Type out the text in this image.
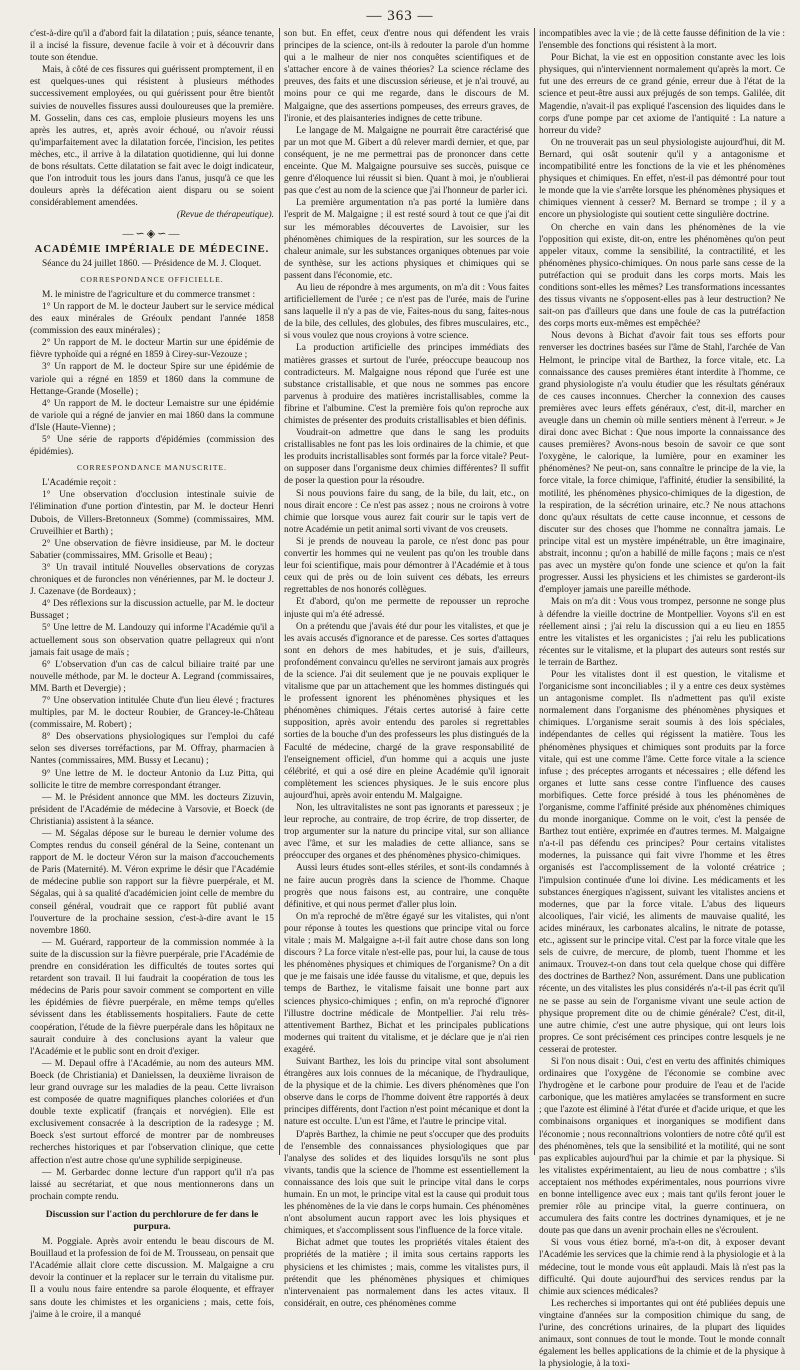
— 363 —

c'est-à-dire qu'il a d'abord fait la dilatation ; puis, séance tenante, il a incisé la fissure, devenue facile à voir et à découvrir dans toute son étendue.

Mais, à côté de ces fissures qui guérissent promptement, il en est quelques-unes qui résistent à plusieurs méthodes successivement employées, ou qui guérissent pour être bientôt suivies de nouvelles fissures aussi douloureuses que la première. M. Gosselin, dans ces cas, emploie plusieurs moyens les uns après les autres, et, après avoir échoué, ou n'avoir réussi qu'imparfaitement avec la dilatation forcée, l'incision, les petites mèches, etc., il arrive à la dilatation quotidienne, qui lui donne de bons résultats. Cette dilatation se fait avec le doigt indicateur, que l'on introduit tous les jours dans l'anus, jusqu'à ce que les douleurs après la défécation aient disparu ou se soient considérablement amendées.

(Revue de thérapeutique).
—∽◈∽—
ACADÉMIE IMPÉRIALE DE MÉDECINE.

Séance du 24 juillet 1860. — Présidence de M. J. Cloquet.

CORRESPONDANCE OFFICIELLE.

M. le ministre de l'agriculture et du commerce transmet :

1° Un rapport de M. le docteur Jaubert sur le service médical des eaux minérales de Gréoulx pendant l'année 1858 (commission des eaux minérales) ;

2° Un rapport de M. le docteur Martin sur une épidémie de fièvre typhoïde qui a régné en 1859 à Cirey-sur-Vezouze ;

3° Un rapport de M. le docteur Spire sur une épidémie de variole qui a régné en 1859 et 1860 dans la commune de Hettange-Grande (Moselle) ;

4° Un rapport de M. le docteur Lemaistre sur une épidémie de variole qui a régné de janvier en mai 1860 dans la commune d'Isle (Haute-Vienne) ;

5° Une série de rapports d'épidémies (commission des épidémies).

CORRESPONDANCE MANUSCRITE.

L'Académie reçoit :

1° Une observation d'occlusion intestinale suivie de l'élimination d'une portion d'intestin, par M. le docteur Henri Dubois, de Villers-Bretonneux (Somme) (commissaires, MM. Cruveilhier et Barth) ;

2° Une observation de fièvre insidieuse, par M. le docteur Sabatier (commissaires, MM. Grisolle et Beau) ;

3° Un travail intitulé Nouvelles observations de coryzas chroniques et de furoncles non vénériennes, par M. le docteur J. J. Cazenave (de Bordeaux) ;

4° Des réflexions sur la discussion actuelle, par M. le docteur Bussaget ;

5° Une lettre de M. Landouzy qui informe l'Académie qu'il a actuellement sous son observation quatre pellagreux qui n'ont jamais fait usage de maïs ;

6° L'observation d'un cas de calcul biliaire traité par une nouvelle méthode, par M. le docteur A. Legrand (commissaires, MM. Barth et Devergie) ;

7° Une observation intitulée Chute d'un lieu élevé ; fractures multiples, par M. le docteur Roubier, de Grancey-le-Château (commissaire, M. Robert) ;

8° Des observations physiologiques sur l'emploi du café selon ses diverses torréfactions, par M. Offray, pharmacien à Nantes (commissaires, MM. Bussy et Lecanu) ;

9° Une lettre de M. le docteur Antonio da Luz Pitta, qui sollicite le titre de membre correspondant étranger.

— M. le Président annonce que MM. les docteurs Zizuvin, président de l'Académie de médecine à Varsovie, et Boeck (de Christiania) assistent à la séance.

— M. Ségalas dépose sur le bureau le dernier volume des Comptes rendus du conseil général de la Seine, contenant un rapport de M. le docteur Véron sur la maison d'accouchements de Paris (Maternité). M. Véron exprime le désir que l'Académie de médecine publie son rapport sur la fièvre puerpérale, et M. Ségalas, qui à sa qualité d'académicien joint celle de membre du conseil général, voudrait que ce rapport fût publié avant l'ouverture de la prochaine session, c'est-à-dire avant le 15 novembre 1860.

— M. Guérard, rapporteur de la commission nommée à la suite de la discussion sur la fièvre puerpérale, prie l'Académie de prendre en considération les difficultés de toutes sortes qui retardent son travail. Il lui faudrait la coopération de tous les médecins de Paris pour savoir comment se comportent en ville les épidémies de fièvre puerpérale, en même temps qu'elles sévissent dans les établissements hospitaliers. Faute de cette coopération, l'étude de la fièvre puerpérale dans les hôpitaux ne saurait conduire à des conclusions ayant la valeur que l'Académie et le public sont en droit d'exiger.

— M. Depaul offre à l'Académie, au nom des auteurs MM. Boeck (de Christiania) et Danielssen, la deuxième livraison de leur grand ouvrage sur les maladies de la peau. Cette livraison est composée de quatre magnifiques planches coloriées et d'un double texte explicatif (français et norvégien). Elle est exclusivement consacrée à la description de la radesyge ; M. Boeck s'est surtout efforcé de montrer par de nombreuses recherches historiques et par l'observation clinique, que cette affection n'est autre chose qu'une syphilide serpigineuse.

— M. Gerbardec donne lecture d'un rapport qu'il n'a pas laissé au secrétariat, et que nous mentionnerons dans un prochain compte rendu.

Discussion sur l'action du perchlorure de fer dans le purpura.

M. Poggiale. Après avoir entendu le beau discours de M. Bouillaud et la profession de foi de M. Trousseau, on pensait que l'Académie allait clore cette discussion. M. Malgaigne a cru devoir la continuer et la replacer sur le terrain du vitalisme pur. Il a voulu nous faire entendre sa parole éloquente, et effrayer sans doute les chimistes et les organiciens ; mais, cette fois, j'aime à le croire, il a manqué

son but. En effet, ceux d'entre nous qui défendent les vrais principes de la science, ont-ils à redouter la parole d'un homme qui a le malheur de nier nos conquêtes scientifiques et de s'attacher encore à de vaines théories? La science réclame des preuves, des faits et une discussion sérieuse, et je n'ai trouvé, au moins pour ce qui me regarde, dans le discours de M. Malgaigne, que des assertions pompeuses, des erreurs graves, de l'ironie, et des plaisanteries indignes de cette tribune.

Le langage de M. Malgaigne ne pourrait être caractérisé que par un mot que M. Gibert a dû relever mardi dernier, et que, par conséquent, je ne me permettrai pas de prononcer dans cette enceinte. Que M. Malgaigne poursuive ses succès, puisque ce genre d'éloquence lui réussit si bien. Quant à moi, je n'oublierai pas que c'est au nom de la science que j'ai l'honneur de parler ici.

La première argumentation n'a pas porté la lumière dans l'esprit de M. Malgaigne ; il est resté sourd à tout ce que j'ai dit sur les mémorables découvertes de Lavoisier, sur les phénomènes chimiques de la respiration, sur les sources de la chaleur animale, sur les substances organiques obtenues par voie de synthèse, sur les actions physiques et chimiques qui se passent dans l'économie, etc.

Au lieu de répondre à mes arguments, on m'a dit : Vous faites artificiellement de l'urée ; ce n'est pas de l'urée, mais de l'urine sans laquelle il n'y a pas de vie, Faites-nous du sang, faites-nous de la bile, des cellules, des globules, des fibres musculaires, etc., si vous voulez que nous croyions à votre science.

La production artificielle des principes immédiats des matières grasses et surtout de l'urée, préoccupe beaucoup nos contradicteurs. M. Malgaigne nous répond que l'urée est une substance cristallisable, et que nous ne sommes pas encore parvenus à produire des matières incristallisables, comme la fibrine et l'albumine. C'est la première fois qu'on reproche aux chimistes de présenter des produits cristallisables et bien définis.

Voudrait-on admettre que dans le sang les produits cristallisables ne font pas les lois ordinaires de la chimie, et que les produits incristallisables sont formés par la force vitale? Peut-on supposer dans l'organisme deux chimies différentes? Il suffit de poser la question pour la résoudre.

Si nous pouvions faire du sang, de la bile, du lait, etc., on nous dirait encore : Ce n'est pas assez ; nous ne croirons à votre chimie que lorsque vous aurez fait courir sur le tapis vert de notre Académie un petit animal sorti vivant de vos creusets.

Si je prends de nouveau la parole, ce n'est donc pas pour convertir les hommes qui ne veulent pas qu'on les trouble dans leur foi scientifique, mais pour démontrer à l'Académie et à tous ceux qui de près ou de loin suivent ces débats, les erreurs regrettables de nos honorés collègues.

Et d'abord, qu'on me permette de repousser un reproche injuste qui m'a été adressé.

On a prétendu que j'avais été dur pour les vitalistes, et que je les avais accusés d'ignorance et de paresse. Ces sortes d'attaques sont en dehors de mes habitudes, et je suis, d'ailleurs, profondément convaincu qu'elles ne serviront jamais aux progrès de la science. J'ai dit seulement que je ne pouvais expliquer le vitalisme que par un attachement que les hommes distingués qui le professent ignorent les phénomènes physiques et les phénomènes chimiques. J'étais certes autorisé à faire cette supposition, après avoir entendu des paroles si regrettables sorties de la bouche d'un des professeurs les plus distingués de la Faculté de médecine, chargé de la grave responsabilité de l'enseignement officiel, d'un homme qui a acquis une juste célébrité, et qui a osé dire en pleine Académie qu'il ignorait complètement les sciences physiques. Je le suis encore plus aujourd'hui, après avoir entendu M. Malgaigne.

Non, les ultravitalistes ne sont pas ignorants et paresseux ; je leur reproche, au contraire, de trop écrire, de trop disserter, de trop argumenter sur la nature du principe vital, sur son alliance avec l'âme, et sur les maladies de cette alliance, sans se préoccuper des organes et des phénomènes physico-chimiques.

Aussi leurs études sont-elles stériles, et sont-ils condamnés à ne faire aucun progrès dans la science de l'homme. Chaque progrès que nous faisons est, au contraire, une conquête définitive, et qui nous permet d'aller plus loin.

On m'a reproché de m'être égayé sur les vitalistes, qui n'ont pour réponse à toutes les questions que principe vital ou force vitale ; mais M. Malgaigne a-t-il fait autre chose dans son long discours ? La force vitale n'est-elle pas, pour lui, la cause de tous les phénomènes physiques et chimiques de l'organisme? On a dit que je me faisais une idée fausse du vitalisme, et que, depuis les temps de Barthez, le vitalisme faisait une bonne part aux sciences physico-chimiques ; enfin, on m'a reproché d'ignorer l'illustre doctrine médicale de Montpellier. J'ai relu très-attentivement Barthez, Bichat et les principales publications modernes qui traitent du vitalisme, et je déclare que je n'ai rien exagéré.

Suivant Barthez, les lois du principe vital sont absolument étrangères aux lois connues de la mécanique, de l'hydraulique, de la physique et de la chimie. Les divers phénomènes que l'on observe dans le corps de l'homme doivent être rapportés à deux principes différents, dont l'action n'est point mécanique et dont la nature est occulte. L'un est l'âme, et l'autre le principe vital.

D'après Barthez, la chimie ne peut s'occuper que des produits de l'ensemble des connaissances physiologiques que par l'analyse des solides et des liquides lorsqu'ils ne sont plus vivants, tandis que la science de l'homme est essentiellement la connaissance des lois que suit le principe vital dans le corps humain. En un mot, le principe vital est la cause qui produit tous les phénomènes de la vie dans le corps humain. Ces phénomènes n'ont absolument aucun rapport avec les lois physiques et chimiques, et s'accomplissent sous l'influence de la force vitale.

Bichat admet que toutes les propriétés vitales étaient des propriétés de la matière ; il imita sous certains rapports les physiciens et les chimistes ; mais, comme les vitalistes purs, il prétendit que les phénomènes physiques et chimiques n'intervenaient pas normalement dans les actes vitaux. Il considérait, en outre, ces phénomènes comme

incompatibles avec la vie ; de là cette fausse définition de la vie : l'ensemble des fonctions qui résistent à la mort.

Pour Bichat, la vie est en opposition constante avec les lois physiques, qui n'interviennent normalement qu'après la mort. Ce fut une des erreurs de ce grand génie, erreur due à l'état de la science et peut-être aussi aux préjugés de son temps. Galilée, dit Magendie, n'avait-il pas expliqué l'ascension des liquides dans le corps d'une pompe par cet axiome de l'antiquité : La nature a horreur du vide?

On ne trouverait pas un seul physiologiste aujourd'hui, dit M. Bernard, qui osât soutenir qu'il y a antagonisme et incompatibilité entre les fonctions de la vie et les phénomènes physiques et chimiques. En effet, n'est-il pas démontré pour tout le monde que la vie s'arrête lorsque les phénomènes physiques et chimiques viennent à cesser? M. Bernard se trompe ; il y a encore un physiologiste qui soutient cette singulière doctrine.

On cherche en vain dans les phénomènes de la vie l'opposition qui existe, dit-on, entre les phénomènes qu'on peut appeler vitaux, comme la sensibilité, la contractilité, et les phénomènes physico-chimiques. On nous parle sans cesse de la putréfaction qui se produit dans les corps morts. Mais les conditions sont-elles les mêmes? Les transformations incessantes des tissus vivants ne s'opposent-elles pas à leur destruction? Ne sait-on pas d'ailleurs que dans une foule de cas la putréfaction des corps morts eux-mêmes est empêchée?

Nous devons à Bichat d'avoir fait tous ses efforts pour renverser les doctrines basées sur l'âme de Stahl, l'archée de Van Helmont, le principe vital de Barthez, la force vitale, etc. La connaissance des causes premières étant interdite à l'homme, ce grand physiologiste n'a voulu étudier que les résultats généraux de ces causes inconnues. Chercher la connexion des causes premières avec leurs effets généraux, c'est, dit-il, marcher en aveugle dans un chemin où mille sentiers mènent à l'erreur. » Je dirai donc avec Bichat : Que nous importe la connaissance des causes premières? Avons-nous besoin de savoir ce que sont l'oxygène, le calorique, la lumière, pour en examiner les phénomènes? Ne peut-on, sans connaître le principe de la vie, la force vitale, la force chimique, l'affinité, étudier la sensibilité, la motilité, les phénomènes physico-chimiques de la digestion, de la respiration, de la sécrétion urinaire, etc.? Ne nous attachons donc qu'aux résultats de cette cause inconnue, et cessons de discuter sur des choses que l'homme ne connaîtra jamais. Le principe vital est un mystère impénétrable, un être imaginaire, abstrait, inconnu ; qu'on a habillé de mille façons ; mais ce n'est pas avec un mystère qu'on fonde une science et qu'on la fait progresser. Aussi les physiciens et les chimistes se garderont-ils d'employer jamais une pareille méthode.

Mais on m'a dit : Vous vous trompez, personne ne songe plus à défendre la vieille doctrine de Montpellier. Voyons s'il en est réellement ainsi ; j'ai relu la discussion qui a eu lieu en 1855 entre les vitalistes et les organicistes ; j'ai relu les publications récentes sur le vitalisme, et la plupart des auteurs sont restés sur le terrain de Barthez.

Pour les vitalistes dont il est question, le vitalisme et l'organicisme sont inconciliables ; il y a entre ces deux systèmes un antagonisme complet. Ils n'admettent pas qu'il existe normalement dans l'organisme des phénomènes physiques et chimiques. L'organisme serait soumis à des lois spéciales, indépendantes de celles qui régissent la matière. Tous les phénomènes physiques et chimiques sont produits par la force vitale, qui est une comme l'âme. Cette force vitale a la science infuse ; des préceptes arrogants et nécessaires ; elle défend les organes et lutte sans cesse contre l'influence des causes morbifiques. Cette force présidé à tous les phénomènes de l'organisme, comme l'affinité préside aux phénomènes chimiques du monde inorganique. Comme on le voit, c'est la pensée de Barthez tout entière, exprimée en d'autres termes. M. Malgaigne n'a-t-il pas défendu ces principes? Pour certains vitalistes modernes, la puissance qui fait vivre l'homme et les êtres organisés est l'accomplissement de la volonté créatrice ; l'impulsion continuée d'une loi divine. Les médicaments et les substances énergiques n'agissent, suivant les vitalistes anciens et modernes, que par la force vitale. L'abus des liqueurs alcooliques, l'air vicié, les aliments de mauvaise qualité, les acides minéraux, les carbonates alcalins, le nitrate de potasse, etc., agissent sur le principe vital. C'est par la force vitale que les sels de cuivre, de mercure, de plomb, tuent l'homme et les animaux. Trouvez-t-on dans tout cela quelque chose qui diffère des doctrines de Barthez? Non, assurément. Dans une publication récente, un des vitalistes les plus considérés n'a-t-il pas écrit qu'il ne se passe au sein de l'organisme vivant une seule action de physique proprement dite ou de chimie générale? C'est, dit-il, une autre chimie, c'est une autre physique, qui ont leurs lois propres. Ce sont précisément ces principes contre lesquels je ne cesserai de protester.

Si l'on nous disait : Oui, c'est en vertu des affinités chimiques ordinaires que l'oxygène de l'économie se combine avec l'hydrogène et le carbone pour produire de l'eau et de l'acide carbonique, que les matières amylacées se transforment en sucre ; que l'azote est éliminé à l'état d'urée et d'acide urique, et que les combinaisons organiques et inorganiques se modifient dans l'économie ; nous reconnaîtrions volontiers de notre côté qu'il est des phénomènes, tels que la sensibilité et la motilité, qui ne sont pas explicables aujourd'hui par la chimie et par la physique. Si les vitalistes expérimentaient, au lieu de nous combattre ; s'ils acceptaient nos méthodes expérimentales, nous pourrions vivre en bonne intelligence avec eux ; mais tant qu'ils feront jouer le premier rôle au principe vital, la guerre continuera, on accumulera des faits contre les doctrines dynamiques, et je ne doute pas que dans un avenir prochain elles ne s'écroulent.

Si vous vous étiez borné, m'a-t-on dit, à exposer devant l'Académie les services que la chimie rend à la physiologie et à la médecine, tout le monde vous eût applaudi. Mais là n'est pas la difficulté. Qui doute aujourd'hui des services rendus par la chimie aux sciences médicales?

Les recherches si importantes qui ont été publiées depuis une vingtaine d'années sur la composition chimique du sang, de l'urine, des concrétions urinaires, de la plupart des liquides animaux, sont connues de tout le monde. Tout le monde connaît également les belles applications de la chimie et de la physique à la physiologie, à la toxi-
